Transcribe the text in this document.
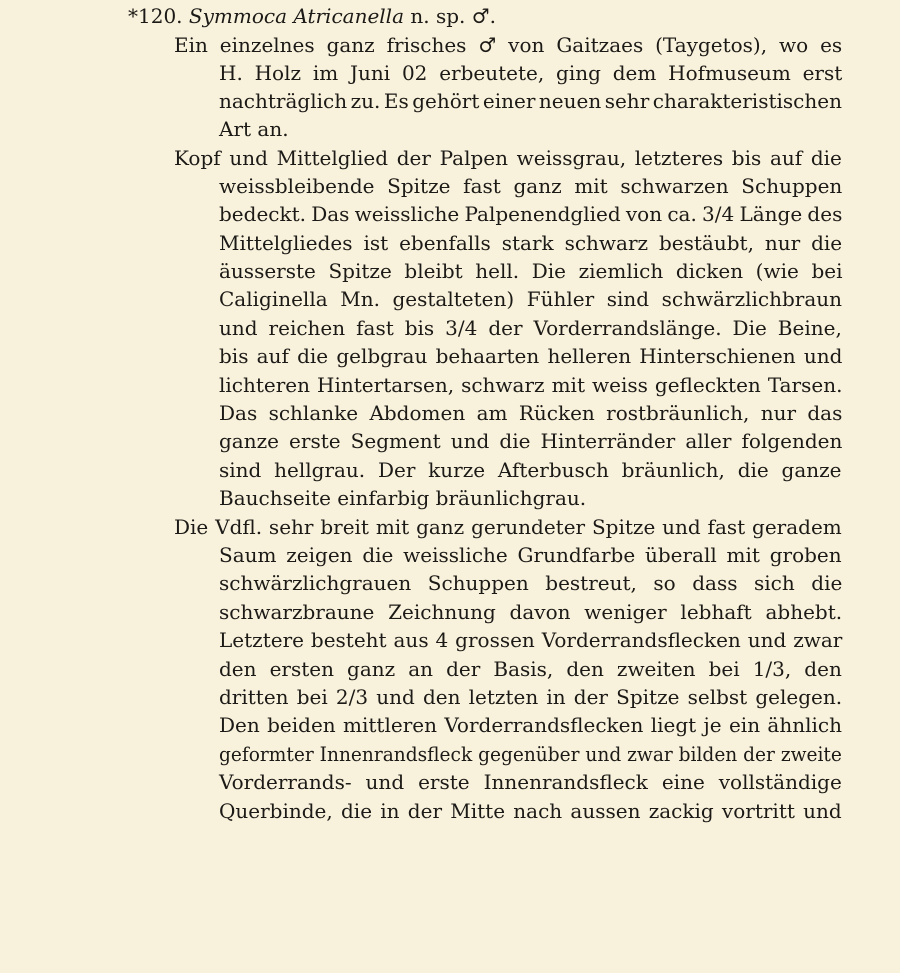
*120. Symmoca Atricanella n. sp. ♂.
Ein einzelnes ganz frisches ♂ von Gaitzaes (Taygetos), wo es
H. Holz im Juni 02 erbeutete, ging dem Hofmuseum erst
nachträglich zu. Es gehört einer neuen sehr charakteristischen
Art an.
Kopf und Mittelglied der Palpen weissgrau, letzteres bis auf die
weissbleibende Spitze fast ganz mit schwarzen Schuppen
bedeckt. Das weissliche Palpenendglied von ca. 3/4 Länge des
Mittelgliedes ist ebenfalls stark schwarz bestäubt, nur die
äusserste Spitze bleibt hell. Die ziemlich dicken (wie bei
Caliginella Mn. gestalteten) Fühler sind schwärzlichbraun
und reichen fast bis 3/4 der Vorderrandslänge. Die Beine,
bis auf die gelbgrau behaarten helleren Hinterschienen und
lichteren Hintertarsen, schwarz mit weiss gefleckten Tarsen.
Das schlanke Abdomen am Rücken rostbräunlich, nur das
ganze erste Segment und die Hinterränder aller folgenden
sind hellgrau. Der kurze Afterbusch bräunlich, die ganze
Bauchseite einfarbig bräunlichgrau.
Die Vdfl. sehr breit mit ganz gerundeter Spitze und fast geradem
Saum zeigen die weissliche Grundfarbe überall mit groben
schwärzlichgrauen Schuppen bestreut, so dass sich die
schwarzbraune Zeichnung davon weniger lebhaft abhebt.
Letztere besteht aus 4 grossen Vorderrandsflecken und zwar
den ersten ganz an der Basis, den zweiten bei 1/3, den
dritten bei 2/3 und den letzten in der Spitze selbst gelegen.
Den beiden mittleren Vorderrandsflecken liegt je ein ähnlich
geformter Innenrandsfleck gegenüber und zwar bilden der zweite
Vorderrands- und erste Innenrandsfleck eine vollständige
Querbinde, die in der Mitte nach aussen zackig vortritt und
